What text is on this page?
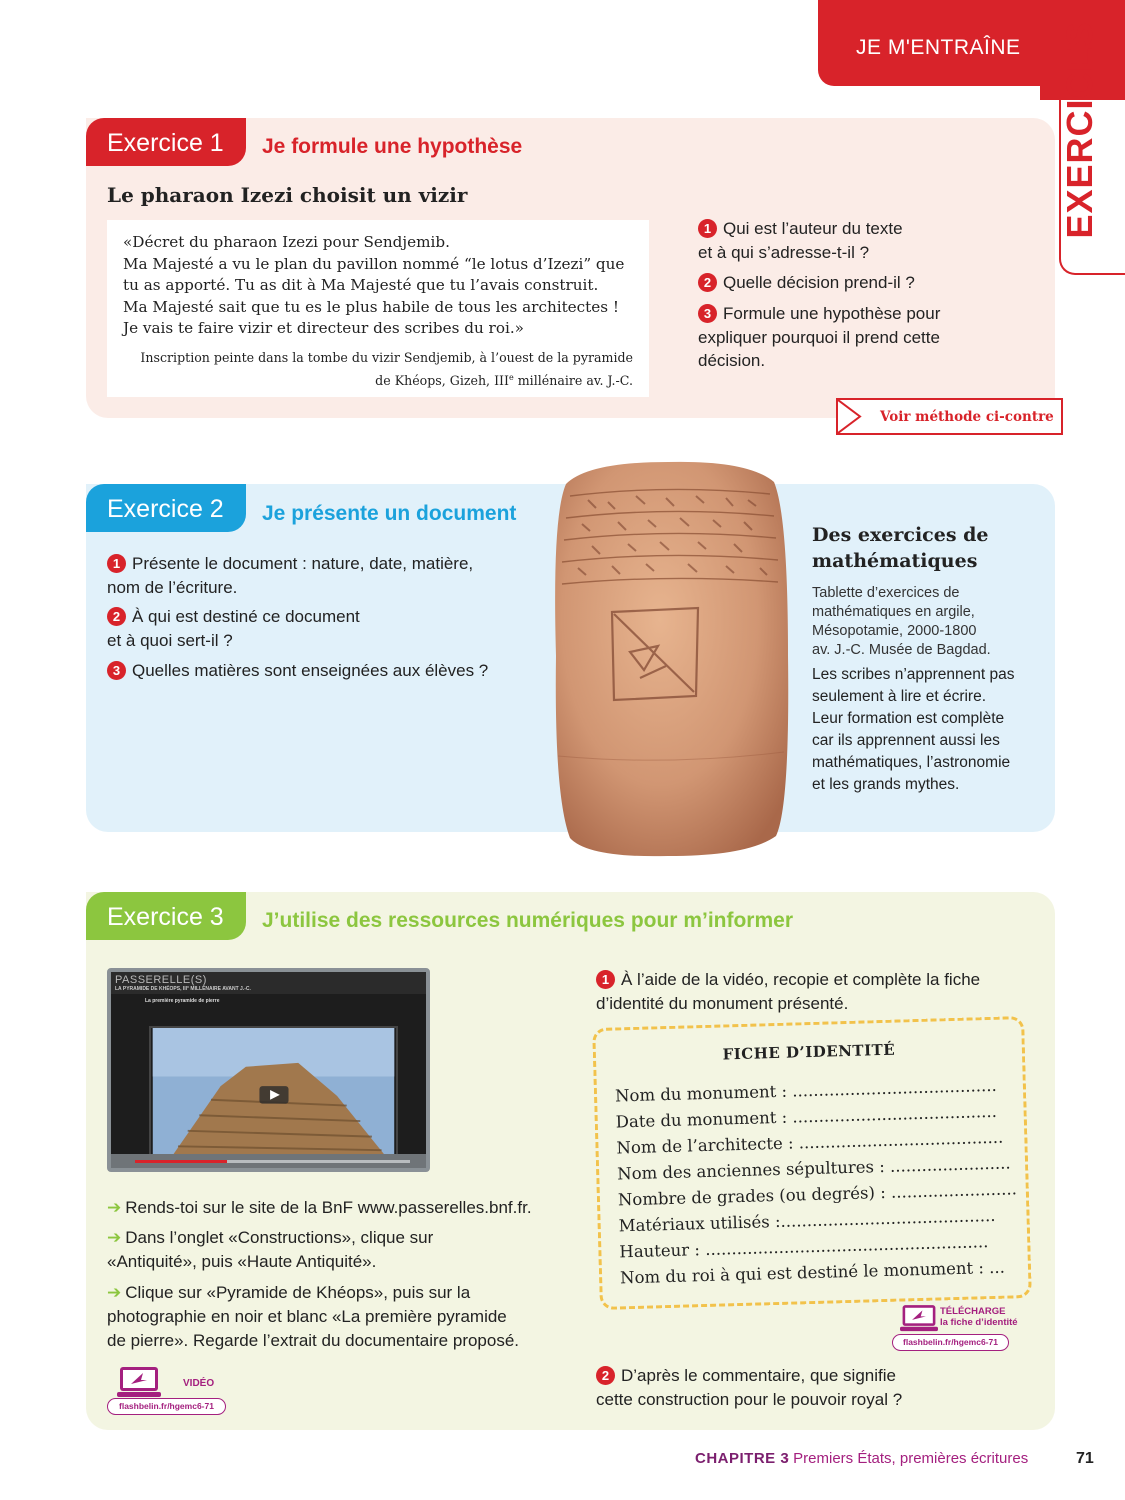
JE M'ENTRAÎNE EXERCICES
Exercice 1	Je formule une hypothèse
Le pharaon Izezi choisit un vizir
«Décret du pharaon Izezi pour Sendjemib.
Ma Majesté a vu le plan du pavillon nommé “le lotus d’Izezi” que
tu as apporté. Tu as dit à Ma Majesté que tu l’avais construit.
Ma Majesté sait que tu es le plus habile de tous les architectes !
Je vais te faire vizir et directeur des scribes du roi.»
Inscription peinte dans la tombe du vizir Sendjemib, à l’ouest de la pyramide
de Khéops, Gizeh, IIIe millénaire av. J.-C.
1 Qui est l’auteur du texte
et à qui s’adresse-t-il ?
2 Quelle décision prend-il ?
3 Formule une hypothèse pour
expliquer pourquoi il prend cette
décision.
Voir méthode ci-contre
Exercice 2	Je présente un document
1 Présente le document : nature, date, matière,
nom de l’écriture.
2 À qui est destiné ce document
et à quoi sert-il ?
3 Quelles matières sont enseignées aux élèves ?
Des exercices de
mathématiques
Tablette d’exercices de
mathématiques en argile,
Mésopotamie, 2000-1800
av. J.-C. Musée de Bagdad.
Les scribes n’apprennent pas
seulement à lire et écrire.
Leur formation est complète
car ils apprennent aussi les
mathématiques, l’astronomie
et les grands mythes.
Exercice 3	J’utilise des ressources numériques pour m’informer
PASSERELLE(S)
LA PYRAMIDE DE KHÉOPS, III° MILLÉNAIRE AVANT J.-C.
La première pyramide de pierre
➔ Rends-toi sur le site de la BnF www.passerelles.bnf.fr.
➔ Dans l’onglet «Constructions», clique sur
«Antiquité», puis «Haute Antiquité».
➔ Clique sur «Pyramide de Khéops», puis sur la
photographie en noir et blanc «La première pyramide
de pierre». Regarde l’extrait du documentaire proposé.
VIDÉO
flashbelin.fr/hgemc6-71
1 À l’aide de la vidéo, recopie et complète la fiche
d’identité du monument présenté.
FICHE D’IDENTITÉ
Nom du monument : .......................................
Date du monument : .......................................
Nom de l’architecte : .......................................
Nom des anciennes sépultures : .......................
Nombre de grades (ou degrés) : ........................
Matériaux utilisés :.........................................
Hauteur : ......................................................
Nom du roi à qui est destiné le monument : ...
TÉLÉCHARGE
la fiche d’identité
flashbelin.fr/hgemc6-71
2 D’après le commentaire, que signifie
cette construction pour le pouvoir royal ?
CHAPITRE 3
- Premiers États, premières écritures	71
